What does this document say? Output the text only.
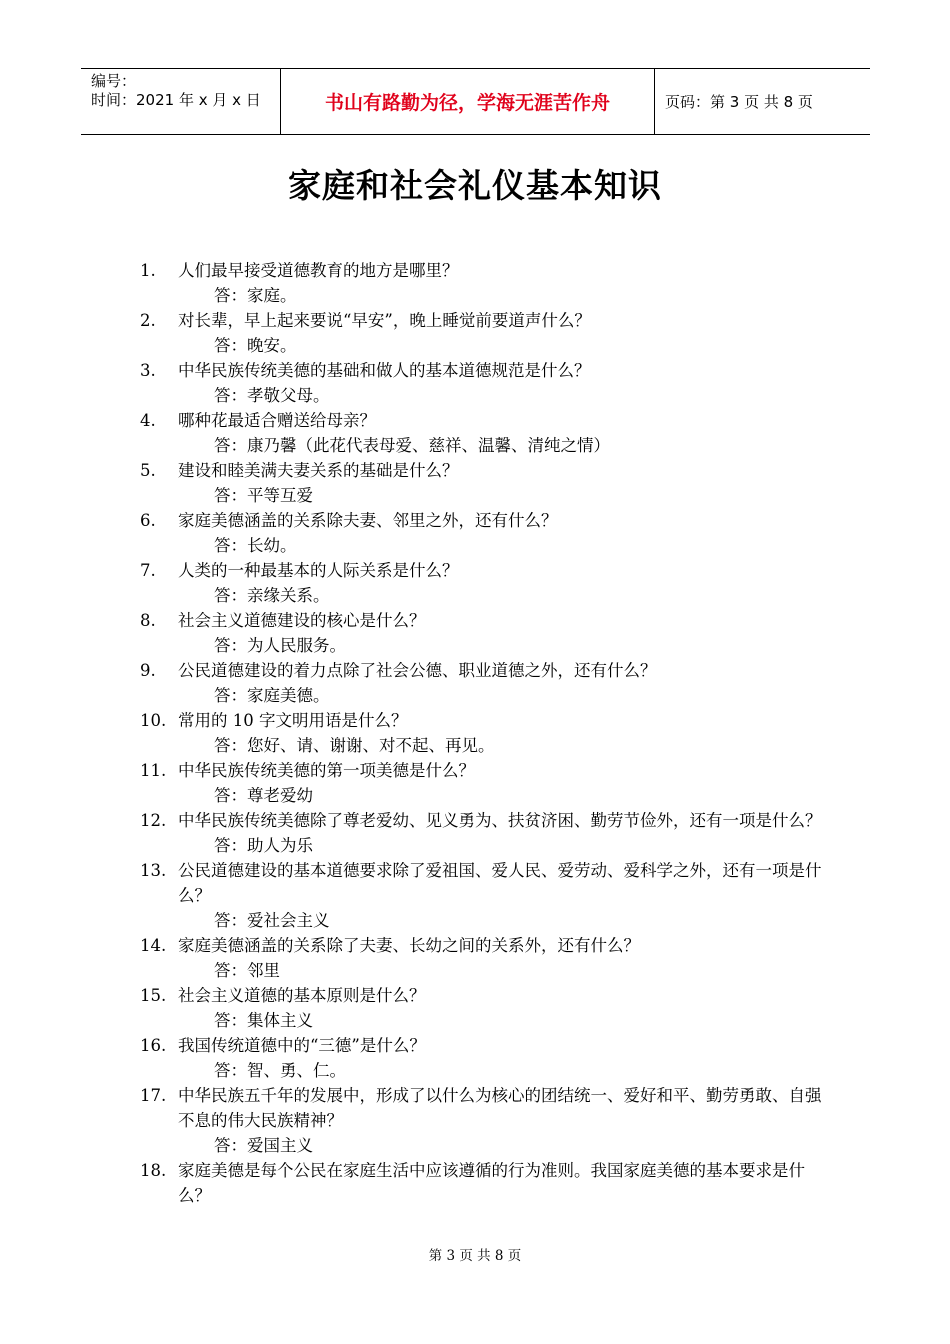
编号：
时间：2021 年 x 月 x 日	书山有路勤为径，学海无涯苦作舟	页码：第 3 页 共 8 页
家庭和社会礼仪基本知识
1.	人们最早接受道德教育的地方是哪里？
答：家庭。
2.	对长辈，早上起来要说“早安”，晚上睡觉前要道声什么？
答：晚安。
3.	中华民族传统美德的基础和做人的基本道德规范是什么？
答：孝敬父母。
4.	哪种花最适合赠送给母亲？
答：康乃馨（此花代表母爱、慈祥、温馨、清纯之情）
5.	建设和睦美满夫妻关系的基础是什么？
答：平等互爱
6.	家庭美德涵盖的关系除夫妻、邻里之外，还有什么？
答：长幼。
7.	人类的一种最基本的人际关系是什么？
答：亲缘关系。
8.	社会主义道德建设的核心是什么？
答：为人民服务。
9.	公民道德建设的着力点除了社会公德、职业道德之外，还有什么？
答：家庭美德。
10. 常用的 10 字文明用语是什么？
答：您好、请、谢谢、对不起、再见。
11. 中华民族传统美德的第一项美德是什么？
答：尊老爱幼
12. 中华民族传统美德除了尊老爱幼、见义勇为、扶贫济困、勤劳节俭外，还有一项是什么？
答：助人为乐
13. 公民道德建设的基本道德要求除了爱祖国、爱人民、爱劳动、爱科学之外，还有一项是什么？
答：爱社会主义
14. 家庭美德涵盖的关系除了夫妻、长幼之间的关系外，还有什么？
答：邻里
15. 社会主义道德的基本原则是什么？
答：集体主义
16. 我国传统道德中的“三德”是什么？
答：智、勇、仁。
17. 中华民族五千年的发展中，形成了以什么为核心的团结统一、爱好和平、勤劳勇敢、自强不息的伟大民族精神？
答：爱国主义
18. 家庭美德是每个公民在家庭生活中应该遵循的行为准则。我国家庭美德的基本要求是什么？
第 3 页 共 8 页
